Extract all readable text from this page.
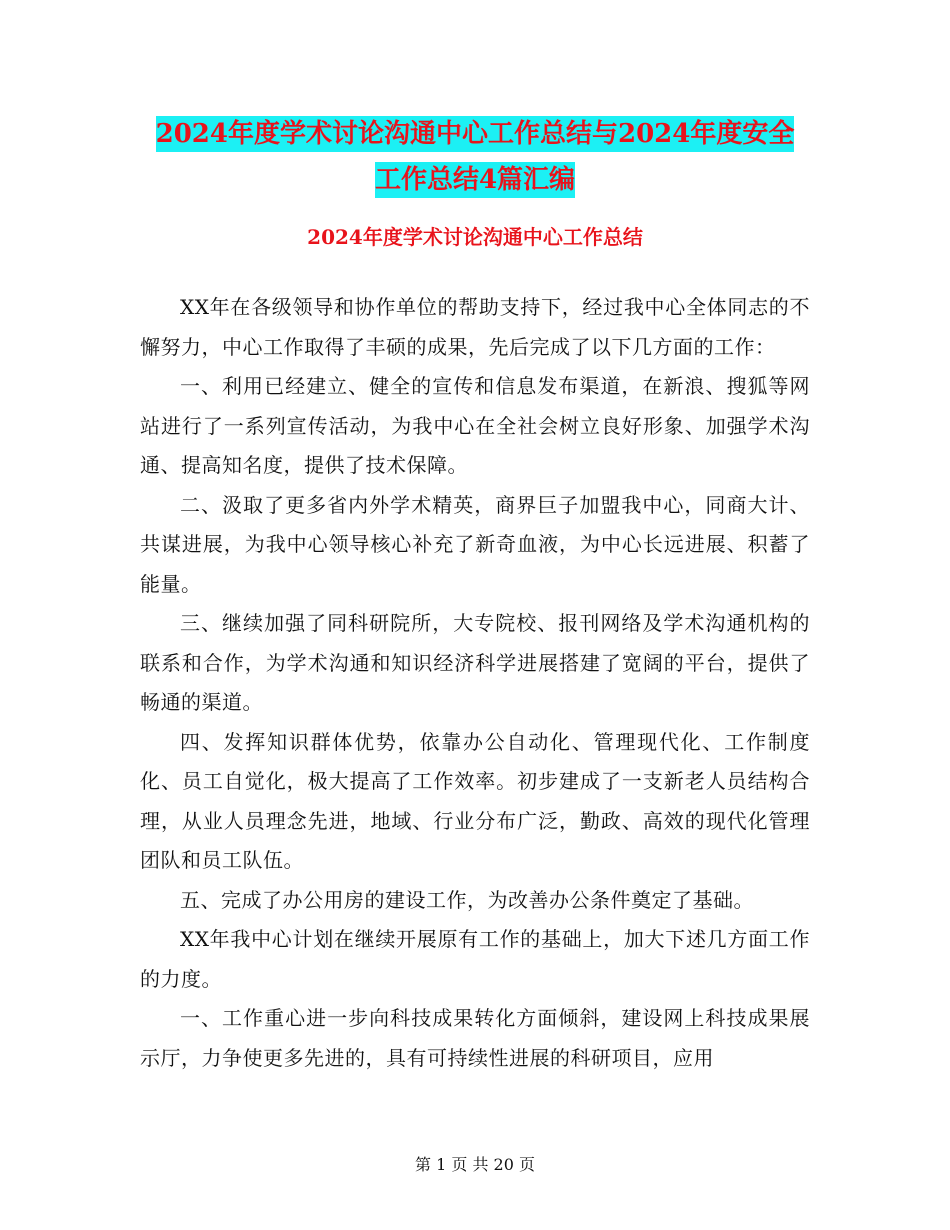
2024年度学术讨论沟通中心工作总结与2024年度安全
工作总结4篇汇编
2024年度学术讨论沟通中心工作总结

XX年在各级领导和协作单位的帮助支持下，经过我中心全体同志的不懈努力，中心工作取得了丰硕的成果，先后完成了以下几方面的工作：

一、利用已经建立、健全的宣传和信息发布渠道，在新浪、搜狐等网站进行了一系列宣传活动，为我中心在全社会树立良好形象、加强学术沟通、提高知名度，提供了技术保障。

二、汲取了更多省内外学术精英，商界巨子加盟我中心，同商大计、共谋进展，为我中心领导核心补充了新奇血液，为中心长远进展、积蓄了能量。

三、继续加强了同科研院所，大专院校、报刊网络及学术沟通机构的联系和合作，为学术沟通和知识经济科学进展搭建了宽阔的平台，提供了畅通的渠道。

四、发挥知识群体优势，依靠办公自动化、管理现代化、工作制度化、员工自觉化，极大提高了工作效率。初步建成了一支新老人员结构合理，从业人员理念先进，地域、行业分布广泛，勤政、高效的现代化管理团队和员工队伍。

五、完成了办公用房的建设工作，为改善办公条件奠定了基础。

XX年我中心计划在继续开展原有工作的基础上，加大下述几方面工作的力度。

一、工作重心进一步向科技成果转化方面倾斜，建设网上科技成果展示厅，力争使更多先进的，具有可持续性进展的科研项目，应用

第 1 页 共 20 页
